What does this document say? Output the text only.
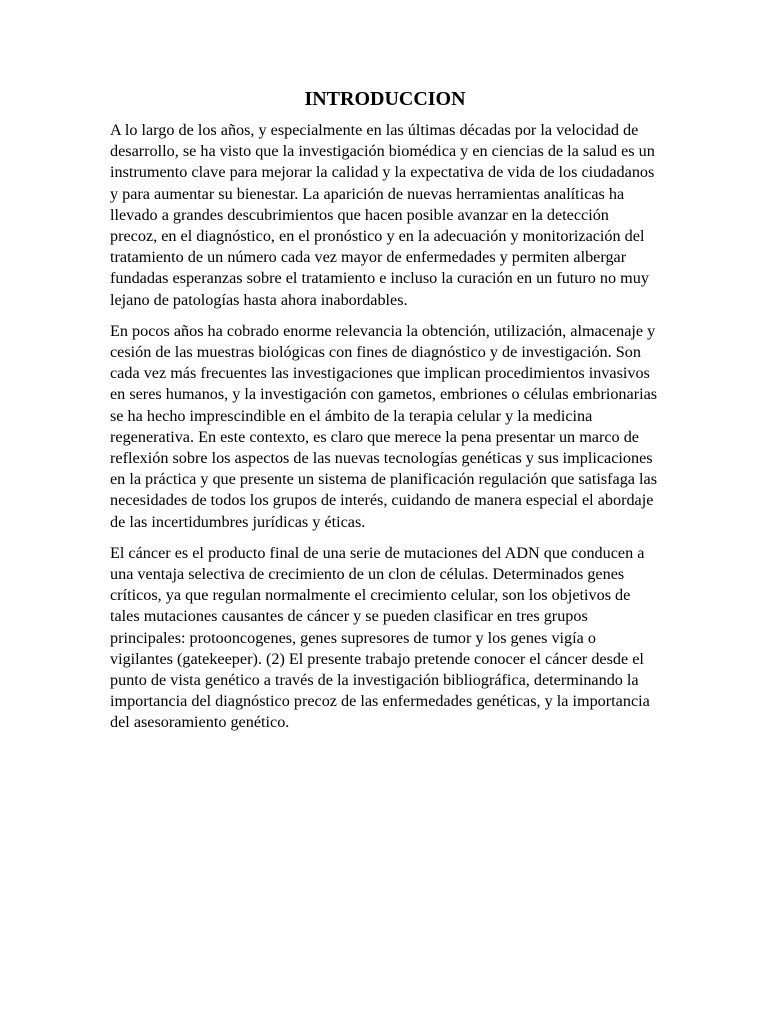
INTRODUCCION

A lo largo de los años, y especialmente en las últimas décadas por la velocidad de desarrollo, se ha visto que la investigación biomédica y en ciencias de la salud es un instrumento clave para mejorar la calidad y la expectativa de vida de los ciudadanos y para aumentar su bienestar. La aparición de nuevas herramientas analíticas ha llevado a grandes descubrimientos que hacen posible avanzar en la detección precoz, en el diagnóstico, en el pronóstico y en la adecuación y monitorización del tratamiento de un número cada vez mayor de enfermedades y permiten albergar fundadas esperanzas sobre el tratamiento e incluso la curación en un futuro no muy lejano de patologías hasta ahora inabordables.

En pocos años ha cobrado enorme relevancia la obtención, utilización, almacenaje y cesión de las muestras biológicas con fines de diagnóstico y de investigación. Son cada vez más frecuentes las investigaciones que implican procedimientos invasivos en seres humanos, y la investigación con gametos, embriones o células embrionarias se ha hecho imprescindible en el ámbito de la terapia celular y la medicina regenerativa. En este contexto, es claro que merece la pena presentar un marco de reflexión sobre los aspectos de las nuevas tecnologías genéticas y sus implicaciones en la práctica y que presente un sistema de planificación regulación que satisfaga las necesidades de todos los grupos de interés, cuidando de manera especial el abordaje de las incertidumbres jurídicas y éticas.

El cáncer es el producto final de una serie de mutaciones del ADN que conducen a una ventaja selectiva de crecimiento de un clon de células. Determinados genes críticos, ya que regulan normalmente el crecimiento celular, son los objetivos de tales mutaciones causantes de cáncer y se pueden clasificar en tres grupos principales: protooncogenes, genes supresores de tumor y los genes vigía o vigilantes (gatekeeper). (2) El presente trabajo pretende conocer el cáncer desde el punto de vista genético a través de la investigación bibliográfica, determinando la importancia del diagnóstico precoz de las enfermedades genéticas, y la importancia del asesoramiento genético.
